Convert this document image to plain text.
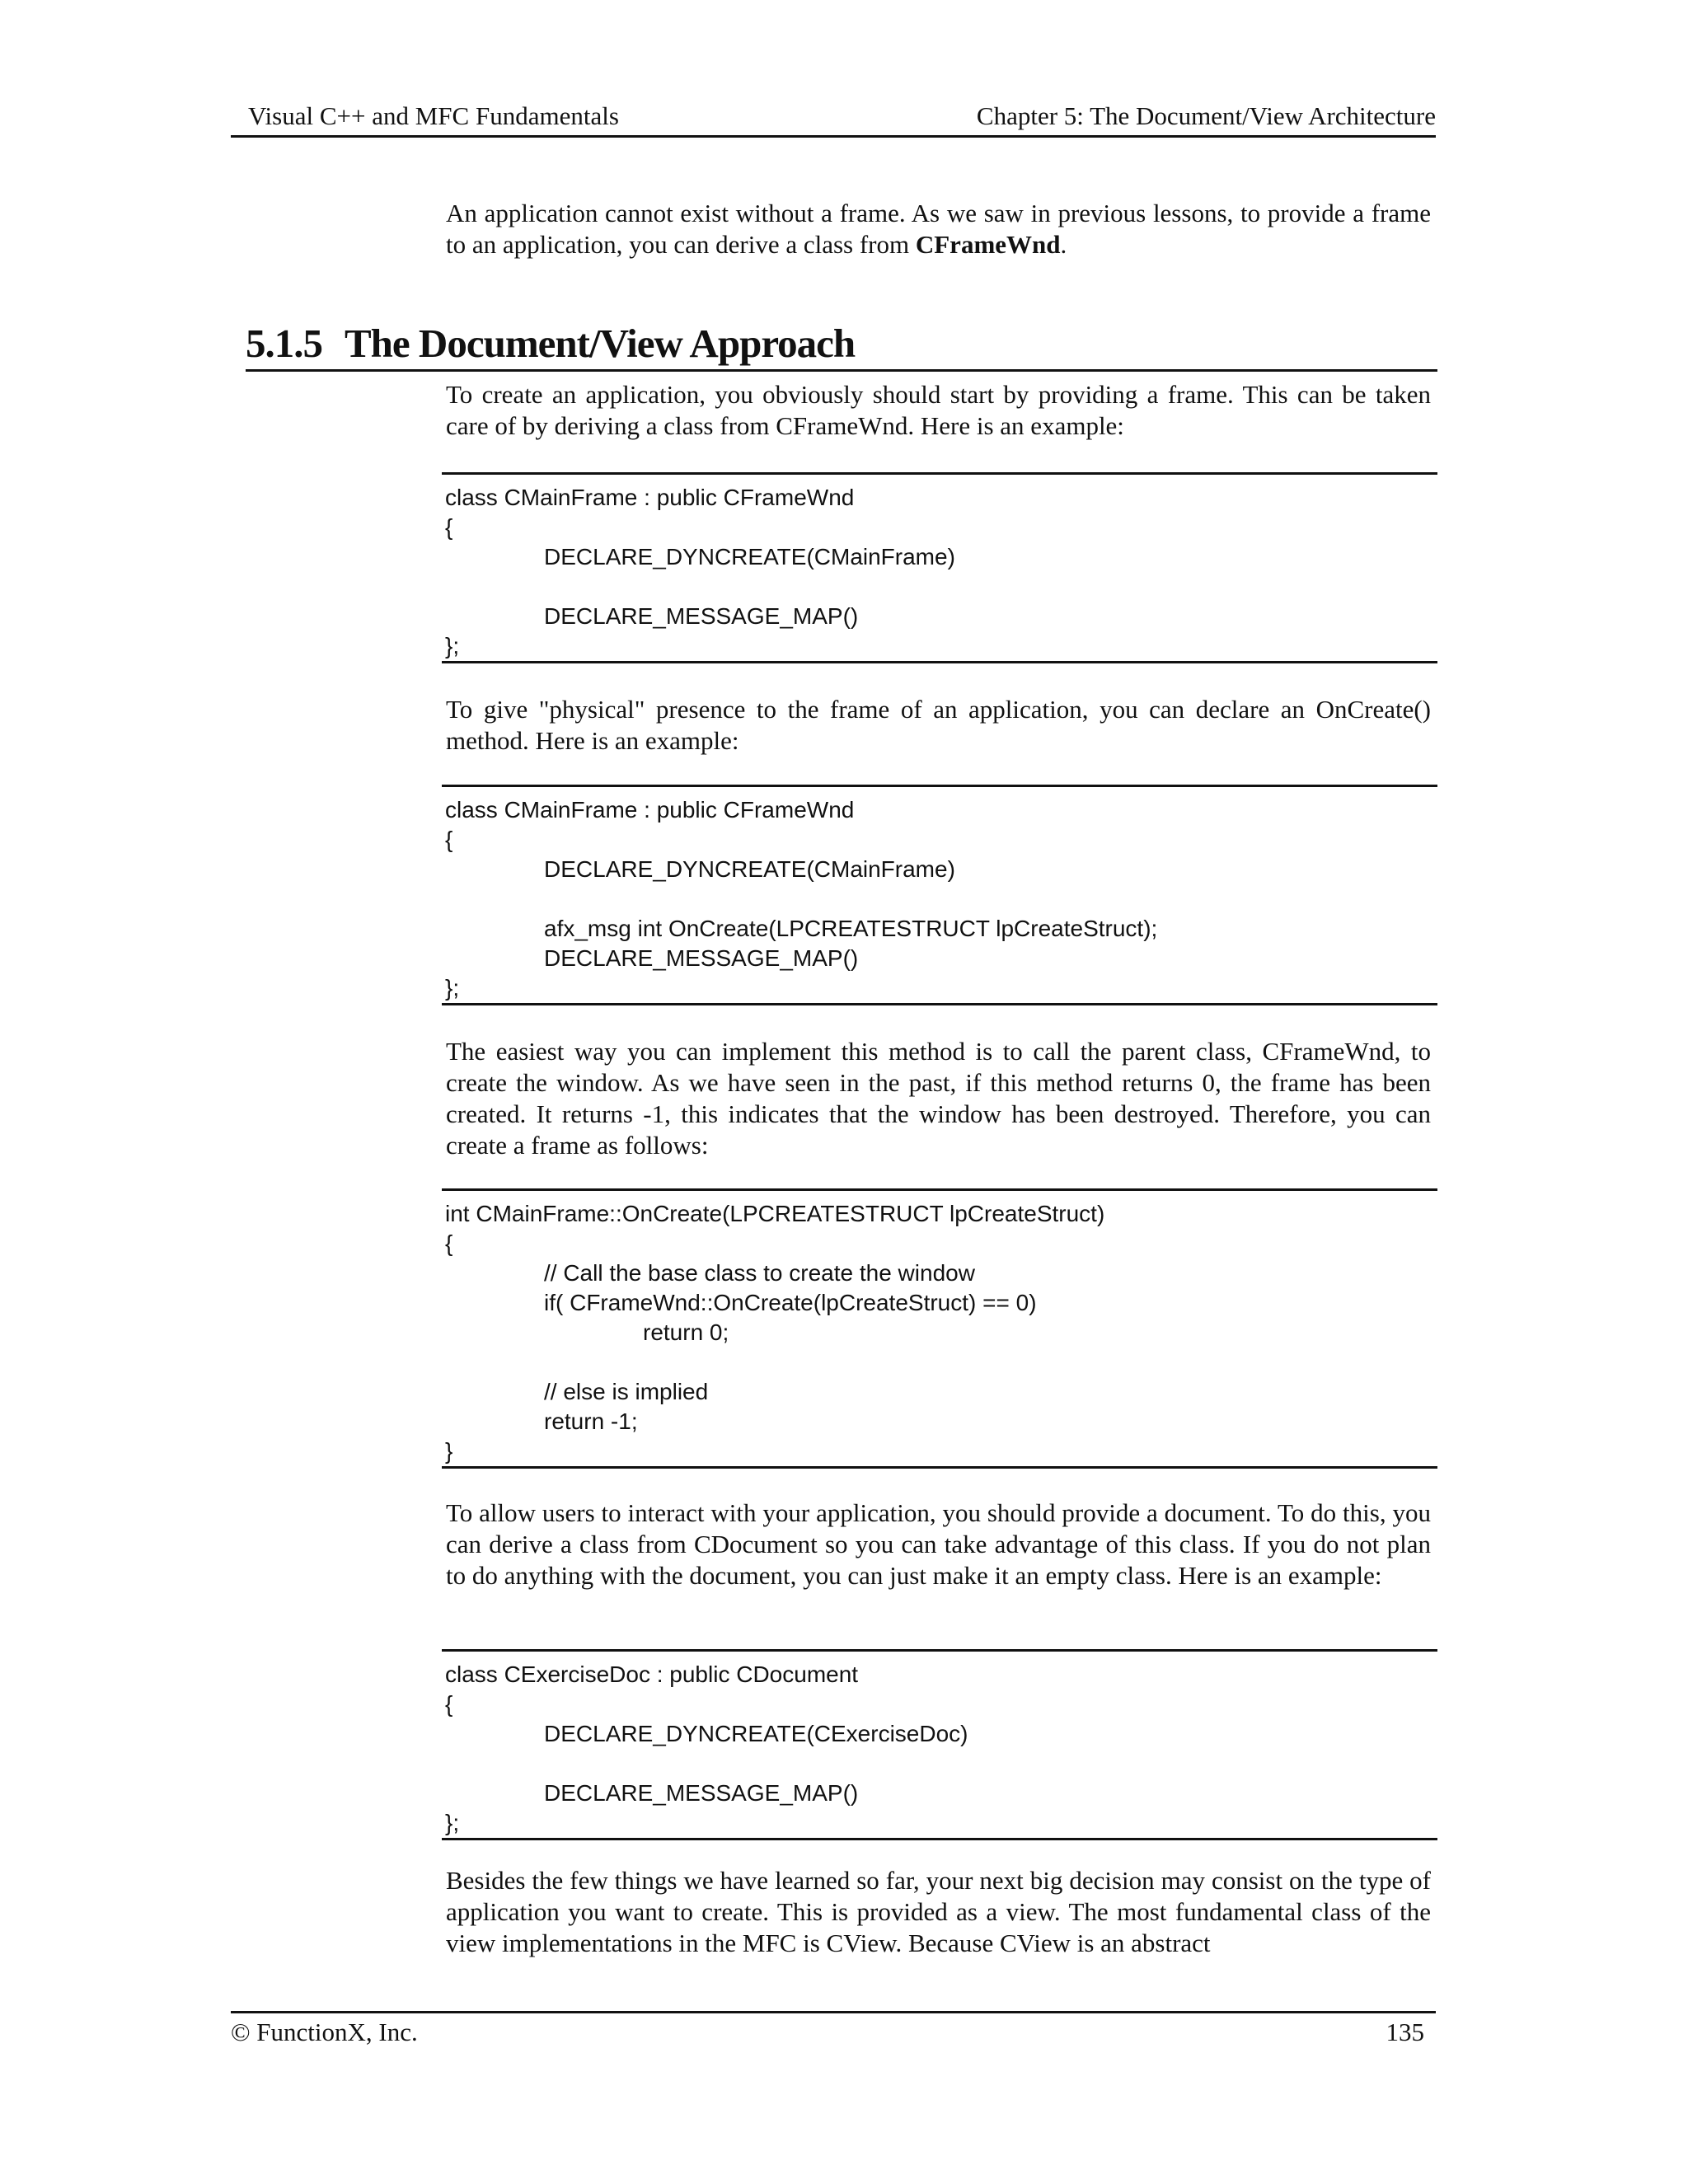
Visual C++ and MFC Fundamentals	Chapter 5: The Document/View Architecture

An application cannot exist without a frame. As we saw in previous lessons, to provide a frame to an application, you can derive a class from CFrameWnd.

5.1.5 The Document/View Approach

To create an application, you obviously should start by providing a frame. This can be taken care of by deriving a class from CFrameWnd. Here is an example:

class CMainFrame : public CFrameWnd
{
DECLARE_DYNCREATE(CMainFrame)
DECLARE_MESSAGE_MAP()
};

To give "physical" presence to the frame of an application, you can declare an OnCreate() method. Here is an example:

class CMainFrame : public CFrameWnd
{
DECLARE_DYNCREATE(CMainFrame)
afx_msg int OnCreate(LPCREATESTRUCT lpCreateStruct);
DECLARE_MESSAGE_MAP()
};

The easiest way you can implement this method is to call the parent class, CFrameWnd, to create the window. As we have seen in the past, if this method returns 0, the frame has been created. It returns -1, this indicates that the window has been destroyed. Therefore, you can create a frame as follows:

int CMainFrame::OnCreate(LPCREATESTRUCT lpCreateStruct)
{
// Call the base class to create the window
if( CFrameWnd::OnCreate(lpCreateStruct) == 0)
return 0;
// else is implied
return -1;
}

To allow users to interact with your application, you should provide a document. To do this, you can derive a class from CDocument so you can take advantage of this class. If you do not plan to do anything with the document, you can just make it an empty class. Here is an example:

class CExerciseDoc : public CDocument
{
DECLARE_DYNCREATE(CExerciseDoc)
DECLARE_MESSAGE_MAP()
};

Besides the few things we have learned so far, your next big decision may consist on the type of application you want to create. This is provided as a view. The most fundamental class of the view implementations in the MFC is CView. Because CView is an abstract

© FunctionX, Inc.	135
